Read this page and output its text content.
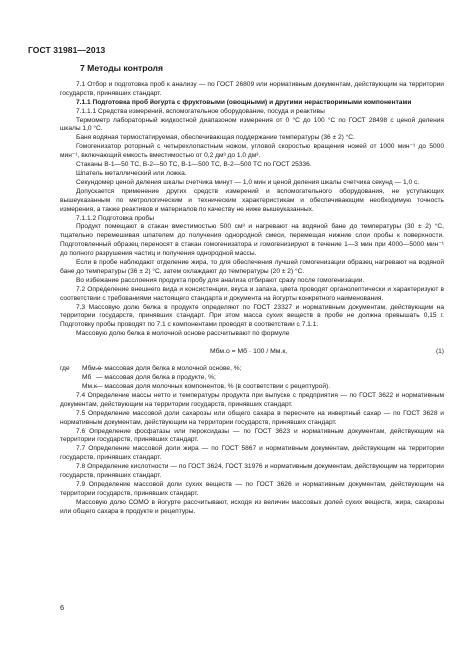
ГОСТ 31981—2013
7 Методы контроля

7.1 Отбор и подготовка проб к анализу — по ГОСТ 26809 или нормативным документам, действующим на территории государств, принявших стандарт.

7.1.1 Подготовка проб йогурта с фруктовыми (овощными) и другими нерастворимыми компонентами

7.1.1.1 Средства измерений, вспомогательное оборудование, посуда и реактивы

Термометр лабораторный жидкостной диапазоном измерения от 0 °С до 100 °С по ГОСТ 28498 с ценой деления шкалы 1,0 °С.

Баня водяная термостатируемая, обеспечивающая поддержание температуры (36 ± 2) °С.

Гомогенизатор роторный с четырехлопастным ножом, угловой скоростью вращения ножей от 1000 мин⁻¹ до 5000 мин⁻¹, включающий емкость вместимостью от 0,2 дм³ до 1,0 дм³.

Стаканы В-1—50 ТС, В-2—50 ТС, В-1—500 ТС, В-2—500 ТС по ГОСТ 25336.

Шпатель металлический или ложка.

Секундомер ценой деления шкалы счетчика минут — 1,0 мин и ценой деления шкалы счетчика секунд — 1,0 с.

Допускается применение других средств измерений и вспомогательного оборудования, не уступающих вышеуказанным по метрологическим и техническим характеристикам и обеспечивающим необходимую точность измерения, а также реактивов и материалов по качеству не ниже вышеуказанных.

7.1.1.2 Подготовка пробы

Продукт помещают в стакан вместимостью 500 см³ и нагревают на водяной бане до температуры (30 ± 2) °С, тщательно перемешивая шпателем до получения однородной смеси, перемещая нижние слои пробы к поверхности. Подготовленный образец переносят в стакан гомогенизатора и гомогенизируют в течение 1—3 мин при 4000—5000 мин⁻¹ до полного разрушения частиц и получения однородной массы.

Если в пробе наблюдают отделение жира, то для обеспечения лучшей гомогенизации образец нагревают на водяной бане до температуры (36 ± 2) °С, затем охлаждают до температуры (20 ± 2) °С.

Во избежание расслоения продукта пробу для анализа отбирают сразу после гомогенизации.

7.2 Определение внешнего вида и консистенции, вкуса и запаха, цвета проводят органолептически и характеризуют в соответствии с требованиями настоящего стандарта и документа на йогурты конкретного наименования.

7.3 Массовую долю белка в продукте определяют по ГОСТ 23327 и нормативным документам, действующим на территории государств, принявших стандарт. При этом масса сухих веществ в пробе не должна превышать 0,15 г. Подготовку пробы проводят по 7.1 с компонентами проводят в соответствии с 7.1.1.

Массовую долю белка в молочной основе рассчитывают по формуле

Mбм.о = Mб · 100 / Mм.к,	(1)
где	Mбм.о
— массовая доля белка в молочной основе, %;
Mб — массовая доля белка в продукте, %;
Mм.к — массовая доля молочных компонентов, % (в соответствии с рецептурой).

7.4 Определение массы нетто и температуры продукта при выпуске с предприятия — по ГОСТ 3622 и нормативным документам, действующим на территории государств, принявших стандарт.

7.5 Определение массовой доли сахарозы или общего сахара в пересчете на инвертный сахар — по ГОСТ 3628 и нормативным документам, действующим на территории государств, принявших стандарт.

7.6 Определение фосфатазы или пероксидазы — по ГОСТ 3623 и нормативным документам, действующим на территории государств, принявших стандарт.

7.7 Определение массовой доли жира — по ГОСТ 5867 и нормативным документам, действующим на территории государств, принявших стандарт.

7.8 Определение кислотности — по ГОСТ 3624, ГОСТ 31976 и нормативным документам, действующим на территории государств, принявших стандарт.

7.9 Определение массовой доли сухих веществ — по ГОСТ 3626 и нормативным документам, действующим на территории государств, принявших стандарт.

Массовую долю СОМО в йогурте рассчитывают, исходя из величин массовых долей сухих веществ, жира, сахарозы или общего сахара в продукте и рецептуры.

6
